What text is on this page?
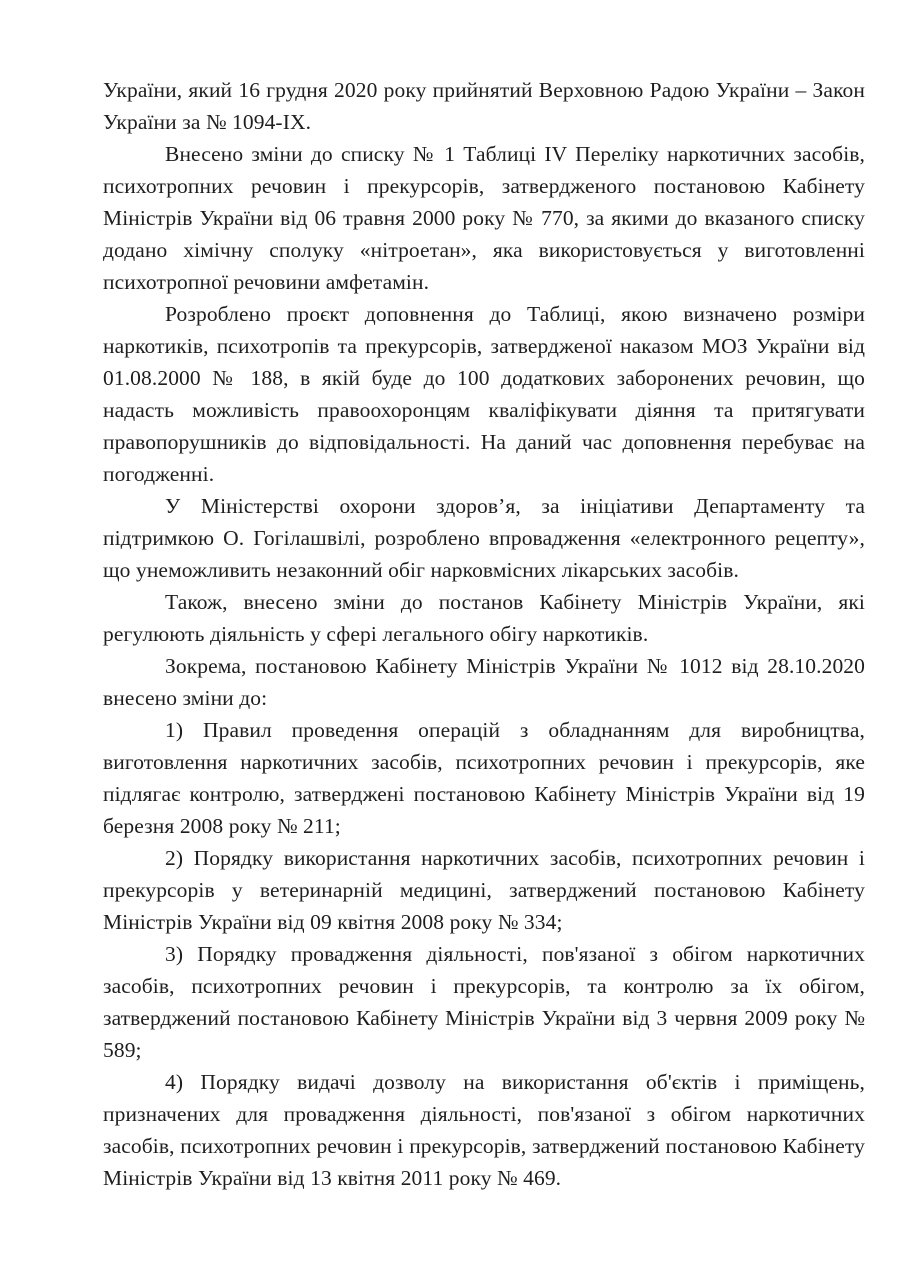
України, який 16 грудня 2020 року прийнятий Верховною Радою України – Закон України за № 1094-IX.

Внесено зміни до списку № 1 Таблиці IV Переліку наркотичних засобів, психотропних речовин і прекурсорів, затвердженого постановою Кабінету Міністрів України від 06 травня 2000 року № 770, за якими до вказаного списку додано хімічну сполуку «нітроетан», яка використовується у виготовленні психотропної речовини амфетамін.

Розроблено проєкт доповнення до Таблиці, якою визначено розміри наркотиків, психотропів та прекурсорів, затвердженої наказом МОЗ України від 01.08.2000 № 188, в якій буде до 100 додаткових заборонених речовин, що надасть можливість правоохоронцям кваліфікувати діяння та притягувати правопорушників до відповідальності. На даний час доповнення перебуває на погодженні.

У Міністерстві охорони здоров’я, за ініціативи Департаменту та підтримкою О. Гогілашвілі, розроблено впровадження «електронного рецепту», що унеможливить незаконний обіг нарковмісних лікарських засобів.

Також, внесено зміни до постанов Кабінету Міністрів України, які регулюють діяльність у сфері легального обігу наркотиків.

Зокрема, постановою Кабінету Міністрів України № 1012 від 28.10.2020 внесено зміни до:

1) Правил проведення операцій з обладнанням для виробництва, виготовлення наркотичних засобів, психотропних речовин і прекурсорів, яке підлягає контролю, затверджені постановою Кабінету Міністрів України від 19 березня 2008 року № 211;

2) Порядку використання наркотичних засобів, психотропних речовин і прекурсорів у ветеринарній медицині, затверджений постановою Кабінету Міністрів України від 09 квітня 2008 року № 334;

3) Порядку провадження діяльності, пов'язаної з обігом наркотичних засобів, психотропних речовин і прекурсорів, та контролю за їх обігом, затверджений постановою Кабінету Міністрів України від 3 червня 2009 року № 589;

4) Порядку видачі дозволу на використання об'єктів і приміщень, призначених для провадження діяльності, пов'язаної з обігом наркотичних засобів, психотропних речовин і прекурсорів, затверджений постановою Кабінету Міністрів України від 13 квітня 2011 року № 469.
